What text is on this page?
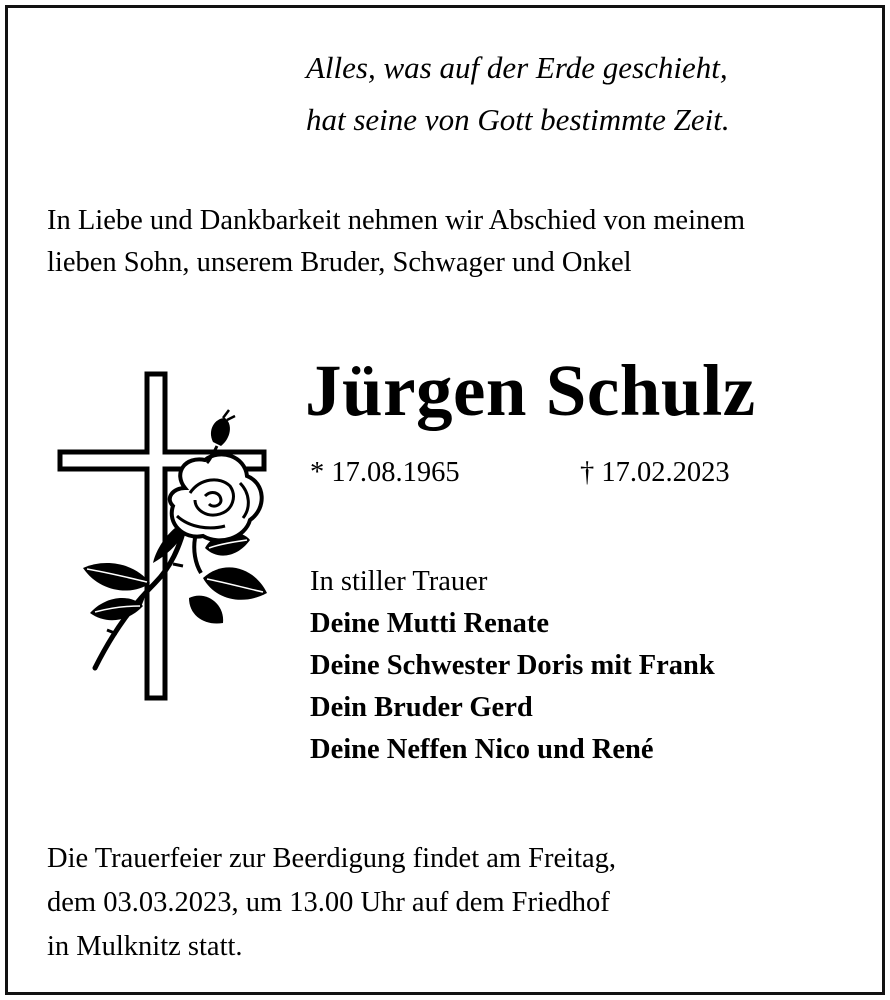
Alles, was auf der Erde geschieht,
hat seine von Gott bestimmte Zeit.
In Liebe und Dankbarkeit nehmen wir Abschied von meinem
lieben Sohn, unserem Bruder, Schwager und Onkel
Jürgen Schulz
* 17.08.1965	† 17.02.2023
In stiller Trauer
Deine Mutti Renate
Deine Schwester Doris mit Frank
Dein Bruder Gerd
Deine Neffen Nico und René
Die Trauerfeier zur Beerdigung findet am Freitag,
dem 03.03.2023, um 13.00 Uhr auf dem Friedhof
in Mulknitz statt.
